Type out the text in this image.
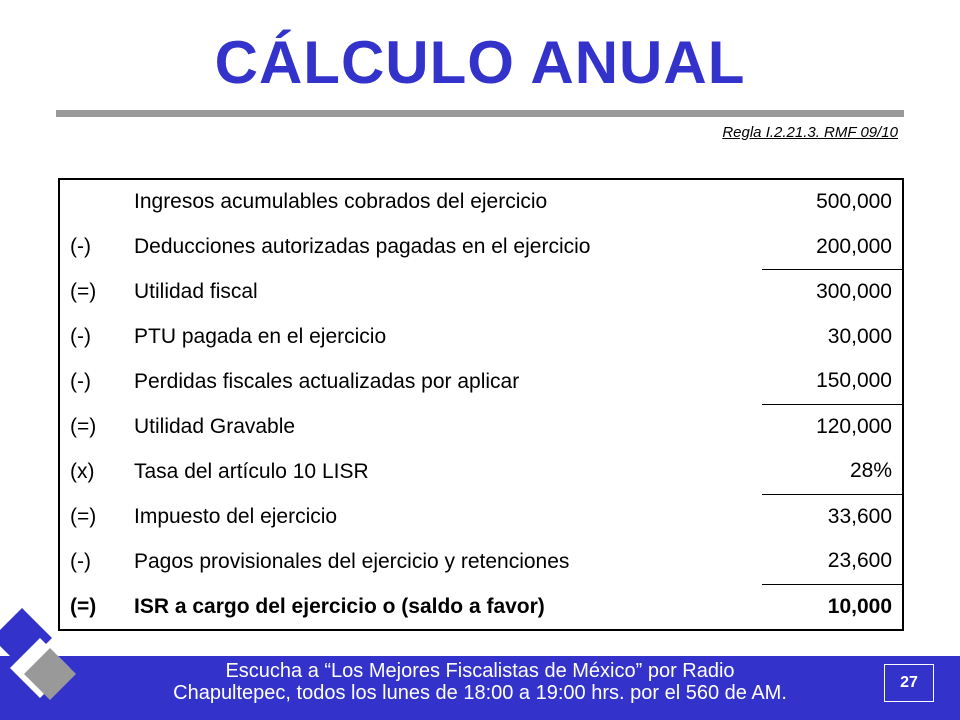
CÁLCULO ANUAL
Regla I.2.21.3. RMF 09/10
	Ingresos acumulables cobrados del ejercicio	500,000
(-)	Deducciones autorizadas pagadas en el ejercicio	200,000
(=)	Utilidad fiscal	300,000
(-)	PTU pagada en el ejercicio	30,000
(-)	Perdidas fiscales actualizadas por aplicar	150,000
(=)	Utilidad Gravable	120,000
(x)	Tasa del artículo 10 LISR	28%
(=)	Impuesto del ejercicio	33,600
(-)	Pagos provisionales del ejercicio y retenciones	23,600
(=)	ISR a cargo del ejercicio o (saldo a favor)	10,000
Escucha a “Los Mejores Fiscalistas de México” por Radio
Chapultepec, todos los lunes de 18:00 a 19:00 hrs. por el 560 de AM.	27
